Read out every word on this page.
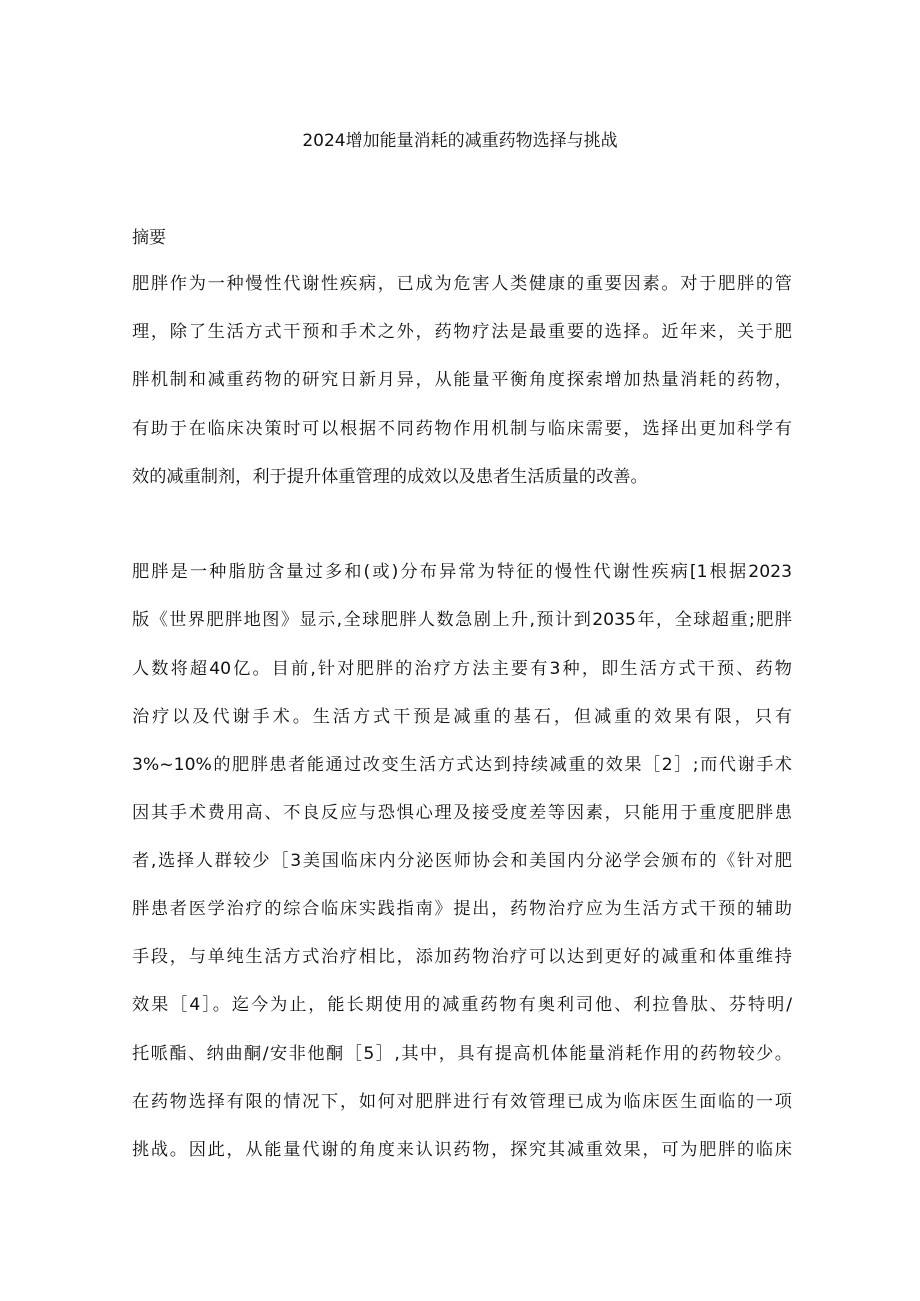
2024增加能量消耗的减重药物选择与挑战
摘要
肥胖作为一种慢性代谢性疾病，已成为危害人类健康的重要因素。对于肥胖的管
理，除了生活方式干预和手术之外，药物疗法是最重要的选择。近年来，关于肥
胖机制和减重药物的研究日新月异，从能量平衡角度探索增加热量消耗的药物，
有助于在临床决策时可以根据不同药物作用机制与临床需要，选择出更加科学有
效的减重制剂，利于提升体重管理的成效以及患者生活质量的改善。
肥胖是一种脂肪含量过多和(或)分布异常为特征的慢性代谢性疾病[1根据2023
版《世界肥胖地图》显示,全球肥胖人数急剧上升,预计到2035年，全球超重;肥胖
人数将超40亿。目前,针对肥胖的治疗方法主要有3种，即生活方式干预、药物
治疗以及代谢手术。生活方式干预是减重的基石，但减重的效果有限，只有
3%~10%的肥胖患者能通过改变生活方式达到持续减重的效果［2］;而代谢手术
因其手术费用高、不良反应与恐惧心理及接受度差等因素，只能用于重度肥胖患
者,选择人群较少［3美国临床内分泌医师协会和美国内分泌学会颁布的《针对肥
胖患者医学治疗的综合临床实践指南》提出，药物治疗应为生活方式干预的辅助
手段，与单纯生活方式治疗相比，添加药物治疗可以达到更好的减重和体重维持
效果［4］。迄今为止，能长期使用的减重药物有奥利司他、利拉鲁肽、芬特明/
托哌酯、纳曲酮/安非他酮［5］,其中，具有提高机体能量消耗作用的药物较少。
在药物选择有限的情况下，如何对肥胖进行有效管理已成为临床医生面临的一项
挑战。因此，从能量代谢的角度来认识药物，探究其减重效果，可为肥胖的临床
